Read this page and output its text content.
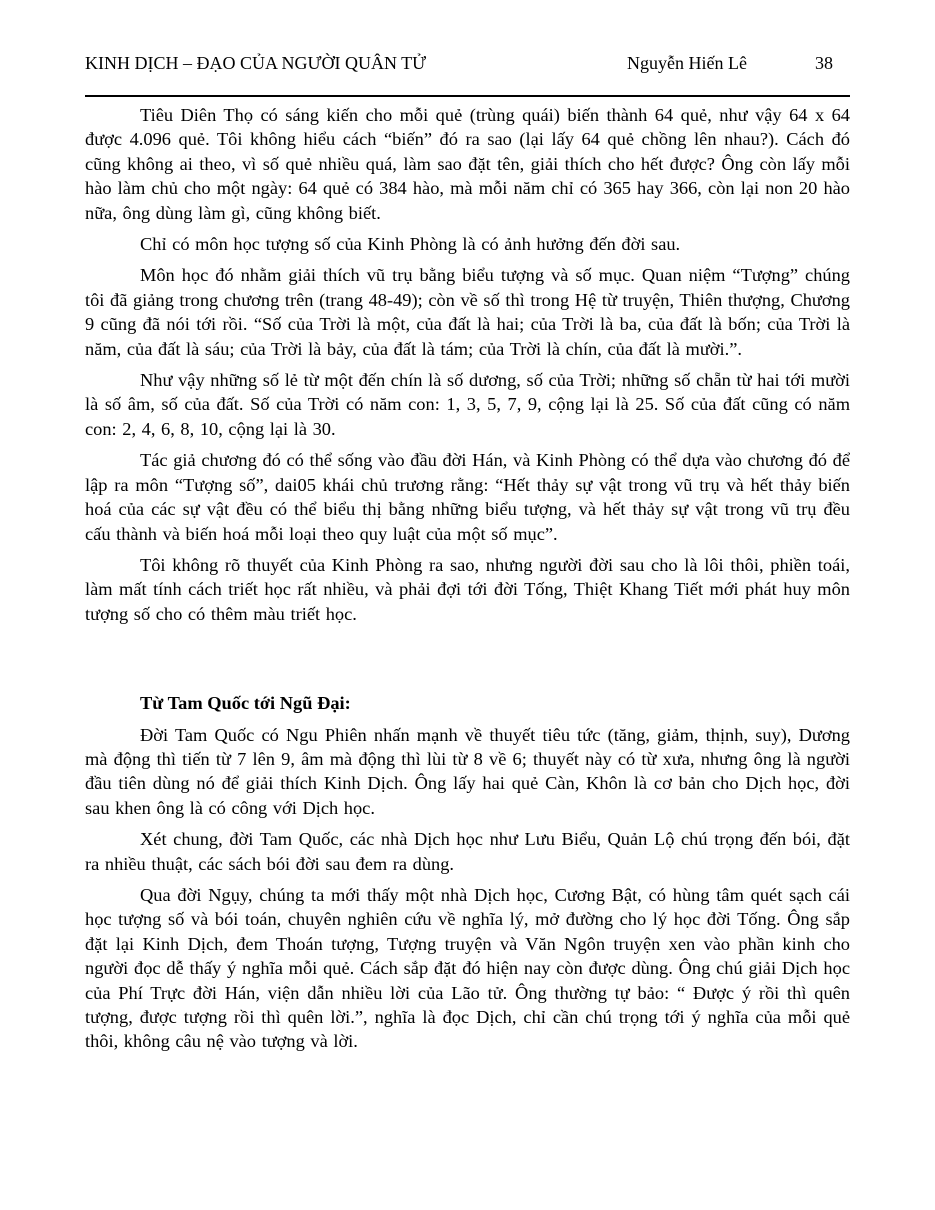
KINH DỊCH – ĐẠO CỦA NGƯỜI QUÂN TỬ	Nguyễn Hiến Lê	38

Tiêu Diên Thọ có sáng kiến cho mỗi quẻ (trùng quái) biến thành 64 quẻ, như vậy 64 x 64 được 4.096 quẻ. Tôi không hiểu cách “biến” đó ra sao (lại lấy 64 quẻ chồng lên nhau?). Cách đó cũng không ai theo, vì số quẻ nhiều quá, làm sao đặt tên, giải thích cho hết được? Ông còn lấy mỗi hào làm chủ cho một ngày: 64 quẻ có 384 hào, mà mỗi năm chỉ có 365 hay 366, còn lại non 20 hào nữa, ông dùng làm gì, cũng không biết.

Chỉ có môn học tượng số của Kinh Phòng là có ảnh hưởng đến đời sau.

Môn học đó nhằm giải thích vũ trụ bằng biểu tượng và số mục. Quan niệm “Tượng” chúng tôi đã giảng trong chương trên (trang 48-49); còn về số thì trong Hệ từ truyện, Thiên thượng, Chương 9 cũng đã nói tới rồi. “Số của Trời là một, của đất là hai; của Trời là ba, của đất là bốn; của Trời là năm, của đất là sáu; của Trời là bảy, của đất là tám; của Trời là chín, của đất là mười.”.

Như vậy những số lẻ từ một đến chín là số dương, số của Trời; những số chẵn từ hai tới mười là số âm, số của đất. Số của Trời có năm con: 1, 3, 5, 7, 9, cộng lại là 25. Số của đất cũng có năm con: 2, 4, 6, 8, 10, cộng lại là 30.

Tác giả chương đó có thể sống vào đầu đời Hán, và Kinh Phòng có thể dựa vào chương đó để lập ra môn “Tượng số”, dai05 khái chủ trương rằng: “Hết thảy sự vật trong vũ trụ và hết thảy biến hoá của các sự vật đều có thể biểu thị bằng những biểu tượng, và hết thảy sự vật trong vũ trụ đều cấu thành và biến hoá mỗi loại theo quy luật của một số mục”.

Tôi không rõ thuyết của Kinh Phòng ra sao, nhưng người đời sau cho là lôi thôi, phiền toái, làm mất tính cách triết học rất nhiều, và phải đợi tới đời Tống, Thiệt Khang Tiết mới phát huy môn tượng số cho có thêm màu triết học.

Từ Tam Quốc tới Ngũ Đại:

Đời Tam Quốc có Ngu Phiên nhấn mạnh về thuyết tiêu tức (tăng, giảm, thịnh, suy), Dương mà động thì tiến từ 7 lên 9, âm mà động thì lùi từ 8 về 6; thuyết này có từ xưa, nhưng ông là người đầu tiên dùng nó để giải thích Kinh Dịch. Ông lấy hai quẻ Càn, Khôn là cơ bản cho Dịch học, đời sau khen ông là có công với Dịch học.

Xét chung, đời Tam Quốc, các nhà Dịch học như Lưu Biểu, Quản Lộ chú trọng đến bói, đặt ra nhiều thuật, các sách bói đời sau đem ra dùng.

Qua đời Ngụy, chúng ta mới thấy một nhà Dịch học, Cương Bật, có hùng tâm quét sạch cái học tượng số và bói toán, chuyên nghiên cứu về nghĩa lý, mở đường cho lý học đời Tống. Ông sắp đặt lại Kinh Dịch, đem Thoán tượng, Tượng truyện và Văn Ngôn truyện xen vào phần kinh cho người đọc dễ thấy ý nghĩa mỗi quẻ. Cách sắp đặt đó hiện nay còn được dùng. Ông chú giải Dịch học của Phí Trực đời Hán, viện dẫn nhiều lời của Lão tử. Ông thường tự bảo: “ Được ý rồi thì quên tượng, được tượng rồi thì quên lời.”, nghĩa là đọc Dịch, chỉ cần chú trọng tới ý nghĩa của mỗi quẻ thôi, không câu nệ vào tượng và lời.
